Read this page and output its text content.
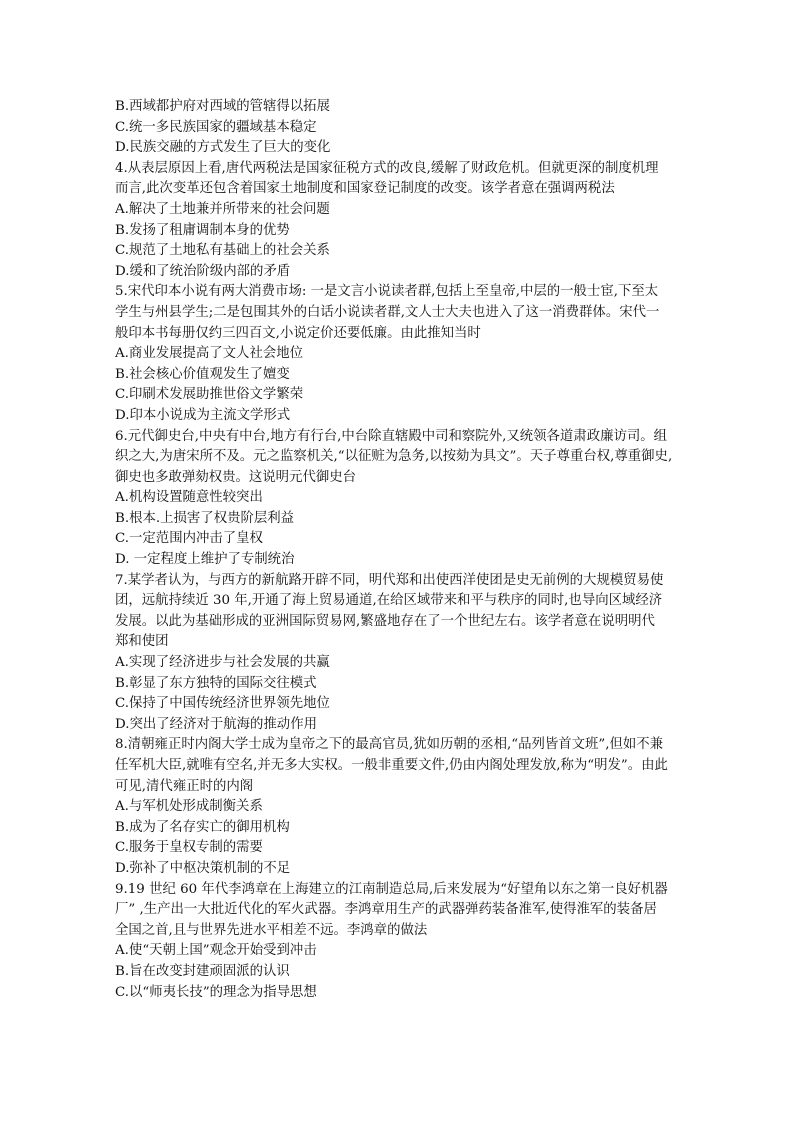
B.西域都护府对西域的管辖得以拓展
C.统一多民族国家的疆域基本稳定
D.民族交融的方式发生了巨大的变化
4.从表层原因上看,唐代两税法是国家征税方式的改良,缓解了财政危机。但就更深的制度机理
而言,此次变革还包含着国家土地制度和国家登记制度的改变。该学者意在强调两税法
A.解决了土地兼并所带来的社会问题
B.发扬了租庸调制本身的优势
C.规范了土地私有基础上的社会关系
D.缓和了统治阶级内部的矛盾
5.宋代印本小说有两大消费市场: 一是文言小说读者群,包括上至皇帝,中层的一般士宦,下至太
学生与州县学生;二是包围其外的白话小说读者群,文人士大夫也进入了这一消费群体。宋代一
般印本书每册仅约三四百文,小说定价还要低廉。由此推知当时
A.商业发展提高了文人社会地位
B.社会核心价值观发生了嬗变
C.印刷术发展助推世俗文学繁荣
D.印本小说成为主流文学形式
6.元代御史台,中央有中台,地方有行台,中台除直辖殿中司和察院外,又统领各道肃政廉访司。组
织之大,为唐宋所不及。元之监察机关,“以征赃为急务,以按劾为具文”。天子尊重台权,尊重御史,
御史也多敢弹劾权贵。这说明元代御史台
A.机构设置随意性较突出
B.根本.上损害了权贵阶层利益
C.一定范围内冲击了皇权
D. 一定程度上维护了专制统治
7.某学者认为，与西方的新航路开辟不同，明代郑和出使西洋使团是史无前例的大规模贸易使
团，远航持续近 30 年,开通了海上贸易通道,在给区域带来和平与秩序的同时,也导向区域经济
发展。以此为基础形成的亚洲国际贸易网,繁盛地存在了一个世纪左右。该学者意在说明明代
郑和使团
A.实现了经济进步与社会发展的共赢
B.彰显了东方独特的国际交往模式
C.保持了中国传统经济世界领先地位
D.突出了经济对于航海的推动作用
8.清朝雍正时内阁大学士成为皇帝之下的最高官员,犹如历朝的丞相,“品列皆首文班”,但如不兼
任军机大臣,就唯有空名,并无多大实权。一般非重要文件,仍由内阁处理发放,称为“明发”。由此
可见,清代雍正时的内阁
A.与军机处形成制衡关系
B.成为了名存实亡的御用机构
C.服务于皇权专制的需要
D.弥补了中枢决策机制的不足
9.19 世纪 60 年代李鸿章在上海建立的江南制造总局,后来发展为“好望角以东之第一良好机器
厂” ,生产出一大批近代化的军火武器。李鸿章用生产的武器弹药装备淮军,使得淮军的装备居
全国之首,且与世界先进水平相差不远。李鸿章的做法
A.使“天朝上国”观念开始受到冲击
B.旨在改变封建顽固派的认识
C.以“师夷长技”的理念为指导思想
